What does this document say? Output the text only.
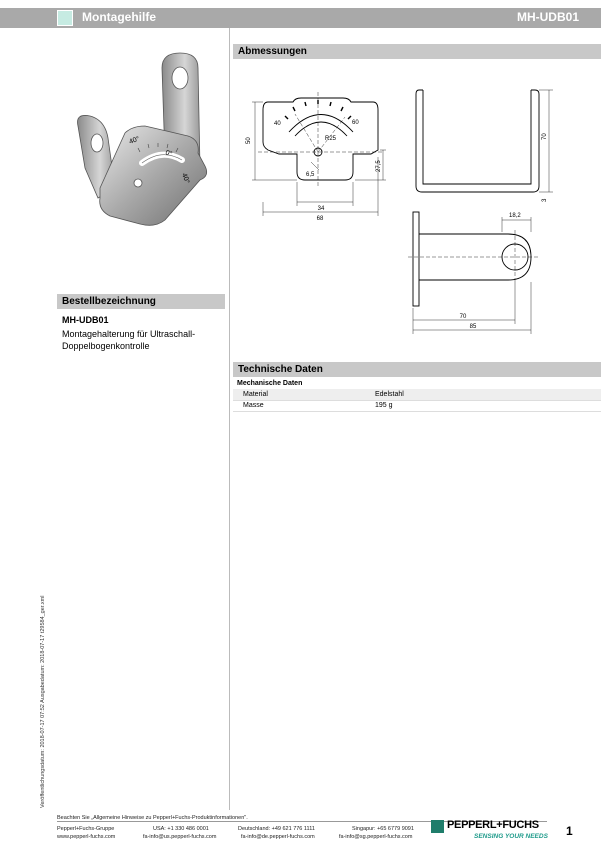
Montagehilfe	MH-UDB01
40°
0°
40°
Abmessungen
50
34
68
27,5
6,5
R25
40	60
70
3
18,2
70
85
Bestellbezeichnung
MH-UDB01
Montagehalterung für Ultraschall-
Doppelbogenkontrolle
Technische Daten
Mechanische Daten
Material	Edelstahl
Masse	195 g
Veröffentlichungsdatum: 2018-07-17 07:52 Ausgabedatum: 2018-07-17 t29584_ger.xml
Beachten Sie „Allgemeine Hinweise zu Pepperl+Fuchs-Produktinformationen".
Pepperl+Fuchs-Gruppe
www.pepperl-fuchs.com
USA: +1 330 486 0001
fa-info@us.pepperl-fuchs.com
Deutschland: +49 621 776 1111
fa-info@de.pepperl-fuchs.com
Singapur: +65 6779 9091
fa-info@sg.pepperl-fuchs.com
PEPPERL+FUCHS
SENSING YOUR NEEDS 1
